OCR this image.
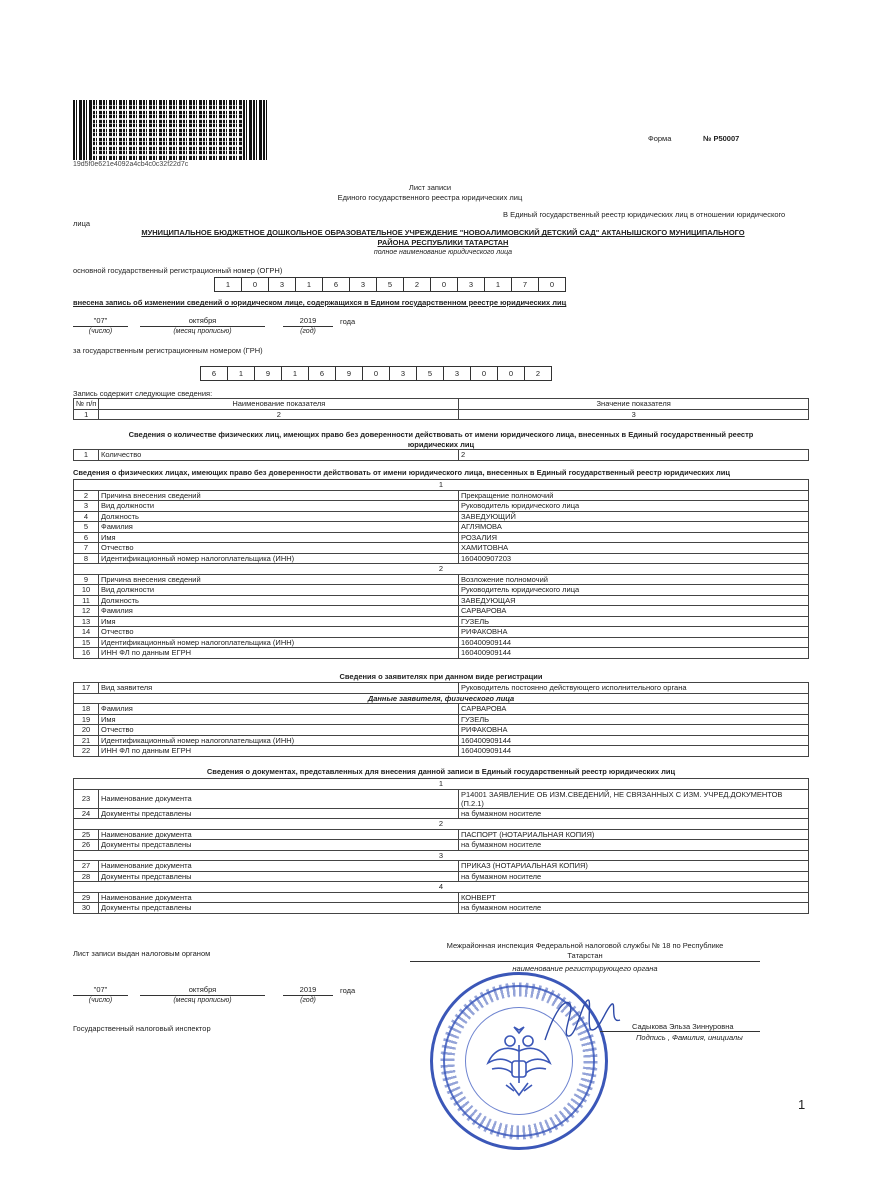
19d5f0e621e4092a4cb4c0c32f22d7c
Форма	№ Р50007
Лист записи
Единого государственного реестра юридических лиц
В Единый государственный реестр юридических лиц в отношении юридического
лица
МУНИЦИПАЛЬНОЕ БЮДЖЕТНОЕ ДОШКОЛЬНОЕ ОБРАЗОВАТЕЛЬНОЕ УЧРЕЖДЕНИЕ "НОВОАЛИМОВСКИЙ ДЕТСКИЙ САД" АКТАНЫШСКОГО МУНИЦИПАЛЬНОГО
РАЙОНА РЕСПУБЛИКИ ТАТАРСТАН
полное наименование юридического лица
основной государственный регистрационный номер (ОГРН)
1	0	3	1	6	3	5	2	0	3	1	7	0
внесена запись об изменении сведений о юридическом лице, содержащихся в Едином государственном реестре юридических лиц
"07"	октября	2019	года
(число)	(месяц прописью)	(год)
за государственным регистрационным номером (ГРН)
6	1	9	1	6	9	0	3	5	3	0	0	2
Запись содержит следующие сведения:
№ п/п	Наименование показателя	Значение показателя
1	2	3
Сведения о количестве физических лиц, имеющих право без доверенности действовать от имени юридического лица, внесенных в Единый государственный реестр
юридических лиц
1	Количество	2
Сведения о физических лицах, имеющих право без доверенности действовать от имени юридического лица, внесенных в Единый государственный реестр юридических лиц
1		
2	Причина внесения сведений	Прекращение полномочий
3	Вид должности	Руководитель юридического лица
4	Должность	ЗАВЕДУЮЩИЙ
5	Фамилия	АГЛЯМОВА
6	Имя	РОЗАЛИЯ
7	Отчество	ХАМИТОВНА
8	Идентификационный номер налогоплательщика (ИНН)	160400907203
2		
9	Причина внесения сведений	Возложение полномочий
10	Вид должности	Руководитель юридического лица
11	Должность	ЗАВЕДУЮЩАЯ
12	Фамилия	САРВАРОВА
13	Имя	ГУЗЕЛЬ
14	Отчество	РИФАКОВНА
15	Идентификационный номер налогоплательщика (ИНН)	160400909144
16	ИНН ФЛ по данным ЕГРН	160400909144
Сведения о заявителях при данном виде регистрации
17	Вид заявителя	Руководитель постоянно действующего исполнительного органа
Данные заявителя, физического лица		
18	Фамилия	САРВАРОВА
19	Имя	ГУЗЕЛЬ
20	Отчество	РИФАКОВНА
21	Идентификационный номер налогоплательщика (ИНН)	160400909144
22	ИНН ФЛ по данным ЕГРН	160400909144
Сведения о документах, представленных для внесения данной записи в Единый государственный реестр юридических лиц
1		
23	Наименование документа	Р14001 ЗАЯВЛЕНИЕ ОБ ИЗМ.СВЕДЕНИЙ, НЕ СВЯЗАННЫХ С ИЗМ. УЧРЕД.ДОКУМЕНТОВ (П.2.1)
24	Документы представлены	на бумажном носителе
2		
25	Наименование документа	ПАСПОРТ (НОТАРИАЛЬНАЯ КОПИЯ)
26	Документы представлены	на бумажном носителе
3		
27	Наименование документа	ПРИКАЗ (НОТАРИАЛЬНАЯ КОПИЯ)
28	Документы представлены	на бумажном носителе
4		
29	Наименование документа	КОНВЕРТ
30	Документы представлены	на бумажном носителе
Лист записи выдан налоговым органом
Межрайонная инспекция Федеральной налоговой службы № 18 по Республике
Татарстан
наименование регистрирующего органа
"07"	октября	2019	года
(число)	(месяц прописью)	(год)
Государственный налоговый инспектор	Садыкова Эльза Зиннуровна
Подпись , Фамилия, инициалы
1
